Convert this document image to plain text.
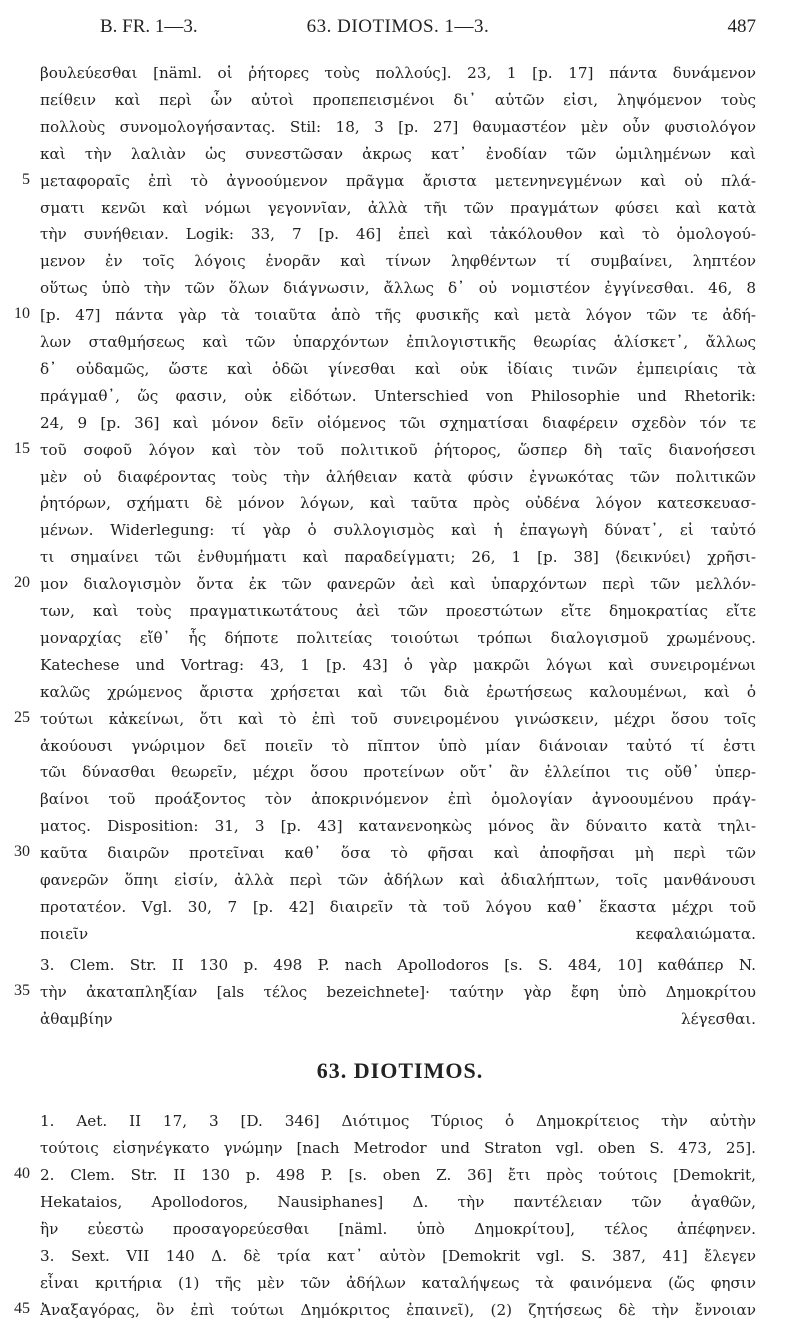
B. FR. 1—3.	63. DIOTIMOS. 1—3.	487
βουλεύεσθαι [näml. οἱ ῥήτορες τοὺς πολλούς]. 23, 1 [p. 17] πάντα δυνάμενον
πείθειν καὶ περὶ ὧν αὐτοὶ προπεπεισμένοι δι᾿ αὐτῶν εἰσι, ληψόμενον τοὺς
πολλοὺς συνομολογήσαντας. Stil: 18, 3 [p. 27] θαυμαστέον μὲν οὖν φυσιολόγον
καὶ τὴν λαλιὰν ὡς συνεστῶσαν ἀκρως κατ᾿ ἐνοδίαν τῶν ὡμιλημένων καὶ
5 μεταφοραῖς ἐπὶ τὸ ἀγνοούμενον πρᾶγμα ἄριστα μετενηνεγμένων καὶ οὐ πλά-
σματι κενῶι καὶ νόμωι γεγοννῖαν, ἀλλὰ τῆι τῶν πραγμάτων φύσει καὶ κατὰ
τὴν συνήθειαν. Logik: 33, 7 [p. 46] ἐπεὶ καὶ τἀκόλουθον καὶ τὸ ὁμολογού-
μενον ἐν τοῖς λόγοις ἐνορᾶν καὶ τίνων ληφθέντων τί συμβαίνει, ληπτέον
οὕτως ὑπὸ τὴν τῶν ὅλων διάγνωσιν, ἄλλως δ᾿ οὐ νομιστέον ἐγγίνεσθαι. 46, 8
10 [p. 47] πάντα γὰρ τὰ τοιαῦτα ἀπὸ τῆς φυσικῆς καὶ μετὰ λόγον τῶν τε ἀδή-
λων σταθμήσεως καὶ τῶν ὑπαρχόντων ἐπιλογιστικῆς θεωρίας ἁλίσκετ᾿, ἄλλως
δ᾿ οὐδαμῶς, ὥστε καὶ ὁδῶι γίνεσθαι καὶ οὐκ ἰδίαις τινῶν ἐμπειρίαις τὰ
πράγμαθ᾿, ὥς φασιν, οὐκ εἰδότων. Unterschied von Philosophie und Rhetorik:
24, 9 [p. 36] καὶ μόνον δεῖν οἰόμενος τῶι σχηματίσαι διαφέρειν σχεδὸν τόν τε
15 τοῦ σοφοῦ λόγον καὶ τὸν τοῦ πολιτικοῦ ῥήτορος, ὥσπερ δὴ ταῖς διανοήσεσι
μὲν οὐ διαφέροντας τοὺς τὴν ἀλήθειαν κατὰ φύσιν ἐγνωκότας τῶν πολιτικῶν
ῥητόρων, σχήματι δὲ μόνον λόγων, καὶ ταῦτα πρὸς οὐδένα λόγον κατεσκευασ-
μένων. Widerlegung: τί γὰρ ὁ συλλογισμὸς καὶ ἡ ἐπαγωγὴ δύνατ᾿, εἰ ταὐτό
τι σημαίνει τῶι ἐνθυμήματι καὶ παραδείγματι; 26, 1 [p. 38] ⟨δεικνύει⟩ χρῆσι-
20 μον διαλογισμὸν ὄντα ἐκ τῶν φανερῶν ἀεὶ καὶ ὑπαρχόντων περὶ τῶν μελλόν-
των, καὶ τοὺς πραγματικωτάτους ἀεὶ τῶν προεστώτων εἴτε δημοκρατίας εἴτε
μοναρχίας εἴθ᾿ ἧς δήποτε πολιτείας τοιούτωι τρόπωι διαλογισμοῦ χρωμένους.
Katechese und Vortrag: 43, 1 [p. 43] ὁ γὰρ μακρῶι λόγωι καὶ συνειρομένωι
καλῶς χρώμενος ἄριστα χρήσεται καὶ τῶι διὰ ἐρωτήσεως καλουμένωι, καὶ ὁ
25 τούτωι κἀκείνωι, ὅτι καὶ τὸ ἐπὶ τοῦ συνειρομένου γινώσκειν, μέχρι ὅσου τοῖς
ἀκούουσι γνώριμον δεῖ ποιεῖν τὸ πῖπτον ὑπὸ μίαν διάνοιαν ταὐτό τί ἐστι
τῶι δύνασθαι θεωρεῖν, μέχρι ὅσου προτείνων οὔτ᾿ ἂν ἐλλείποι τις οὔθ᾿ ὑπερ-
βαίνοι τοῦ προάξοντος τὸν ἀποκρινόμενον ἐπὶ ὁμολογίαν ἀγνοουμένου πράγ-
ματος. Disposition: 31, 3 [p. 43] κατανενοηκὼς μόνος ἂν δύναιτο κατὰ τηλι-
30 καῦτα διαιρῶν προτεῖναι καθ᾿ ὅσα τὸ φῆσαι καὶ ἀποφῆσαι μὴ περὶ τῶν
φανερῶν ὅπηι εἰσίν, ἀλλὰ περὶ τῶν ἀδήλων καὶ ἀδιαλήπτων, τοῖς μανθάνουσι
προτατέον. Vgl. 30, 7 [p. 42] διαιρεῖν τὰ τοῦ λόγου καθ᾿ ἕκαστα μέχρι τοῦ
ποιεῖν κεφαλαιώματα.
3. Clem. Str. II 130 p. 498 P. nach Apollodoros [s. S. 484, 10] καθάπερ N.
35 τὴν ἀκαταπληξίαν [als τέλος bezeichnete]· ταύτην γὰρ ἔφη ὑπὸ Δημοκρίτου
ἀθαμβίην λέγεσθαι.
63. DIOTIMOS.
1. Aet. II 17, 3 [D. 346] Διότιμος Τύριος ὁ Δημοκρίτειος τὴν αὐτὴν
τούτοις εἰσηνέγκατο γνώμην [nach Metrodor und Straton vgl. oben S. 473, 25].
40 2. Clem. Str. II 130 p. 498 P. [s. oben Z. 36] ἔτι πρὸς τούτοις [Demokrit,
Hekataios, Apollodoros, Nausiphanes] Δ. τὴν παντέλειαν τῶν ἀγαθῶν,
ἣν εὐεστὼ προσαγορεύεσθαι [näml. ὑπὸ Δημοκρίτου], τέλος ἀπέφηνεν.
3. Sext. VII 140 Δ. δὲ τρία κατ᾿ αὐτὸν [Demokrit vgl. S. 387, 41] ἔλεγεν
εἶναι κριτήρια (1) τῆς μὲν τῶν ἀδήλων καταλήψεως τὰ φαινόμενα (ὥς φησιν
45 Ἀναξαγόρας, ὃν ἐπὶ τούτωι Δημόκριτος ἐπαινεῖ), (2) ζητήσεως δὲ τὴν ἔννοιαν
